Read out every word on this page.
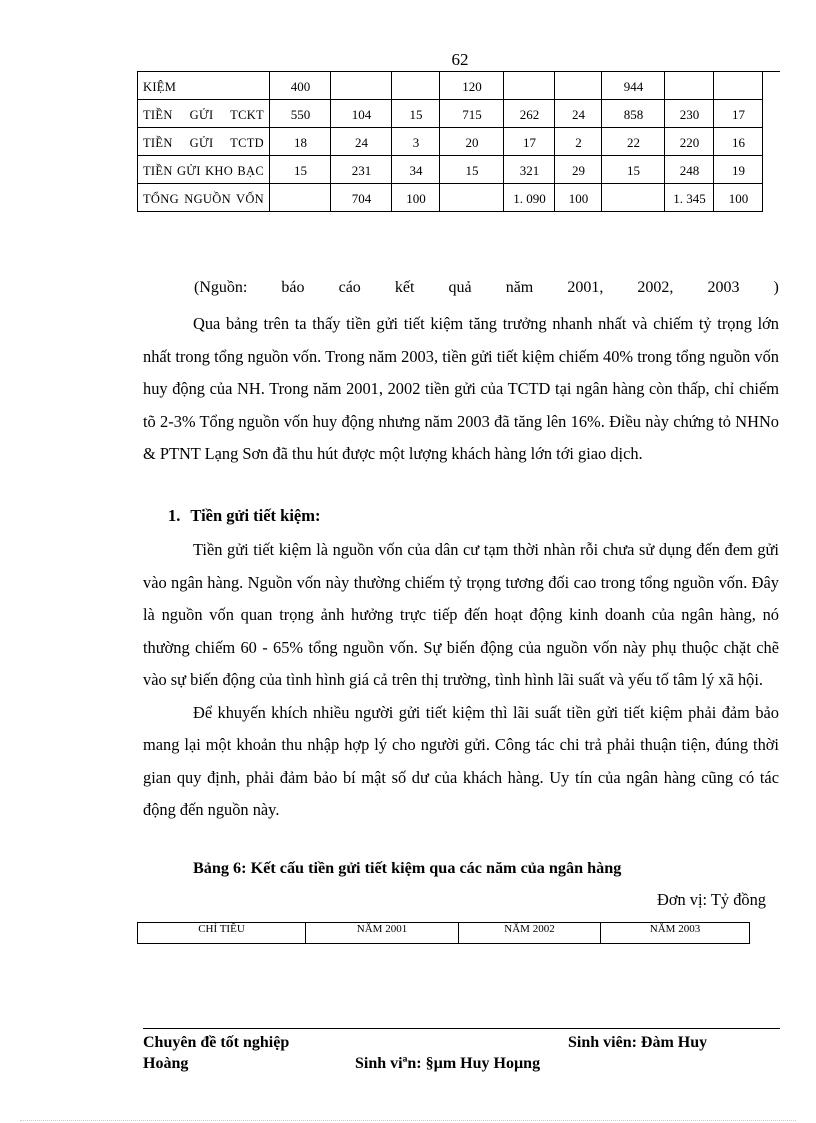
62
KIỆM	400			120			944		
TIỀN GỬI TCKT	550	104	15	715	262	24	858	230	17
TIỀN GỬI TCTD	18	24	3	20	17	2	22	220	16
TIỀN GỬI KHO BẠC	15	231	34	15	321	29	15	248	19
TỔNG NGUỒN VỐN		704	100		1. 090	100		1. 345	100
(Nguồn: báo cáo kết quả năm 2001, 2002, 2003 )

Qua bảng trên ta thấy tiền gửi tiết kiệm tăng trưởng nhanh nhất và chiếm tỷ trọng lớn nhất trong tổng nguồn vốn. Trong năm 2003, tiền gửi tiết kiệm chiếm 40% trong tổng nguồn vốn huy động của NH. Trong năm 2001, 2002 tiền gửi của TCTD tại ngân hàng còn thấp, chỉ chiếm tõ 2-3% Tổng nguồn vốn huy động nhưng năm 2003 đã tăng lên 16%. Điều này chứng tỏ NHNo & PTNT Lạng Sơn đã thu hút được một lượng khách hàng lớn tới giao dịch.

1. Tiền gửi tiết kiệm:

Tiền gửi tiết kiệm là nguồn vốn của dân cư tạm thời nhàn rỗi chưa sử dụng đến đem gửi vào ngân hàng. Nguồn vốn này thường chiếm tỷ trọng tương đối cao trong tổng nguồn vốn. Đây là nguồn vốn quan trọng ảnh hưởng trực tiếp đến hoạt động kinh doanh của ngân hàng, nó thường chiếm 60 - 65% tổng nguồn vốn. Sự biến động của nguồn vốn này phụ thuộc chặt chẽ vào sự biến động của tình hình giá cả trên thị trường, tình hình lãi suất và yếu tố tâm lý xã hội.

Để khuyến khích nhiều người gửi tiết kiệm thì lãi suất tiền gửi tiết kiệm phải đảm bảo mang lại một khoản thu nhập hợp lý cho người gửi. Công tác chi trả phải thuận tiện, đúng thời gian quy định, phải đảm bảo bí mật số dư của khách hàng. Uy tín của ngân hàng cũng có tác động đến nguồn này.

Bảng 6: Kết cấu tiền gửi tiết kiệm qua các năm của ngân hàng
Đơn vị: Tỷ đồng
CHỈ TIÊU	NĂM 2001	NĂM 2002	NĂM 2003
Chuyên đề tốt nghiệp	Sinh viên: Đàm Huy
Hoàng	Sinh viªn: §µm Huy Hoµng
